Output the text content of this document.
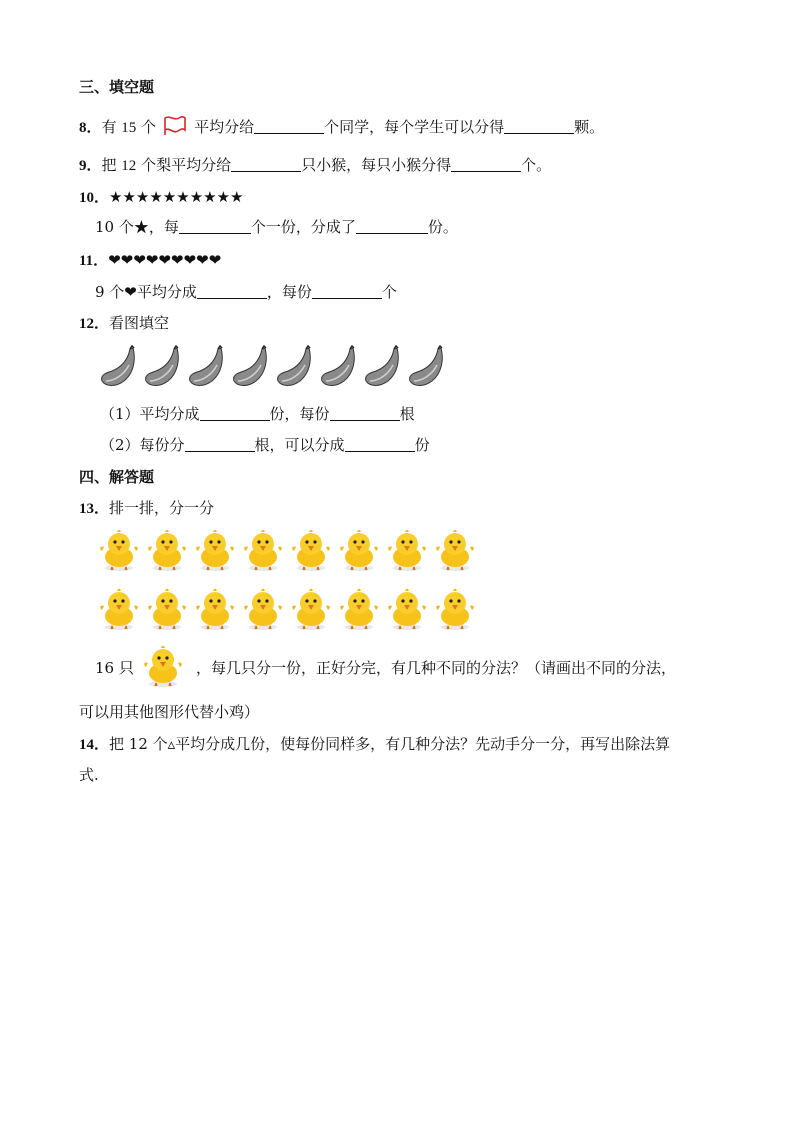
三、填空题
8．有 15 个	平均分给	个同学，每个学生可以分得	颗。
9．把 12 个梨平均分给	只小猴，每只小猴分得	个。
10．★★★★★★★★★★
10 个★，每	个一份，分成了	份。
11．❤❤❤❤❤❤❤❤❤
9 个❤平均分成	，每份	个
12．看图填空
（1）平均分成	份，每份	根
（2）每份分	根，可以分成	份
四、解答题
13．排一排，分一分
16 只	，每几只分一份，正好分完，有几种不同的分法？（请画出不同的分法，
可以用其他图形代替小鸡）
14．把 12 个▵平均分成几份，使每份同样多，有几种分法？先动手分一分，再写出除法算
式.
